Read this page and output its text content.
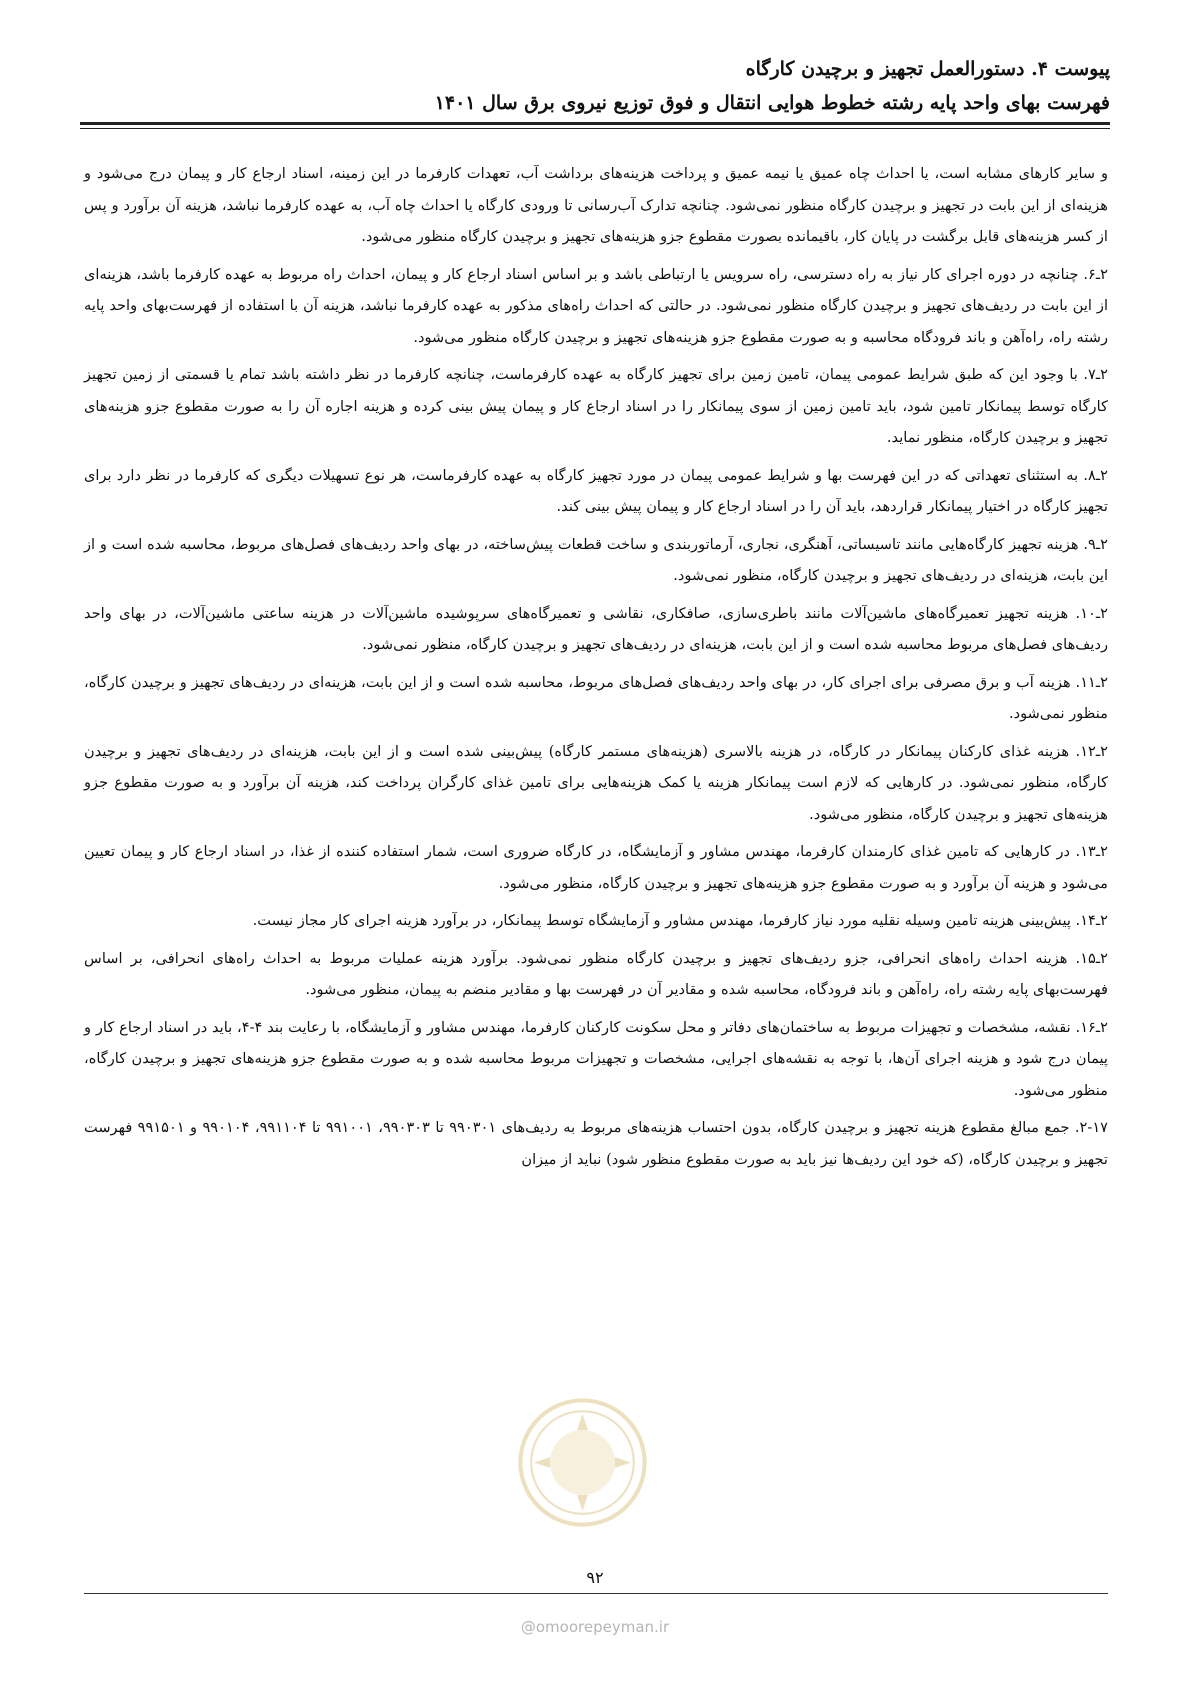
پیوست ۴. دستورالعمل تجهیز و برچیدن کارگاه
فهرست بهای واحد پایه رشته خطوط هوایی انتقال و فوق توزیع نیروی برق سال ۱۴۰۱

و سایر کارهای مشابه است، یا احداث چاه عمیق یا نیمه عمیق و پرداخت هزینه‌های برداشت آب، تعهدات کارفرما در این زمینه، اسناد ارجاع کار و پیمان درج می‌شود و هزینه‌ای از این بابت در تجهیز و برچیدن کارگاه منظور نمی‌شود. چنانچه تدارک آب‌رسانی تا ورودی کارگاه یا احداث چاه آب، به عهده کارفرما نباشد، هزینه آن برآورد و پس از کسر هزینه‌های قابل برگشت در پایان کار، باقیمانده بصورت مقطوع جزو هزینه‌های تجهیز و برچیدن کارگاه منظور می‌شود.

۲ـ۶. چنانچه در دوره اجرای کار نیاز به راه دسترسی، راه سرویس یا ارتباطی باشد و بر اساس اسناد ارجاع کار و پیمان، احداث راه مربوط به عهده کارفرما باشد، هزینه‌ای از این بابت در ردیف‌های تجهیز و برچیدن کارگاه منظور نمی‌شود. در حالتی که احداث راه‌های مذکور به عهده کارفرما نباشد، هزینه آن با استفاده از فهرست‌بهای واحد پایه رشته راه، راه‌آهن و باند فرودگاه محاسبه و به صورت مقطوع جزو هزینه‌های تجهیز و برچیدن کارگاه منظور می‌شود.

۲ـ۷. با وجود این که طبق شرایط عمومی پیمان، تامین زمین برای تجهیز کارگاه به عهده کارفرماست، چنانچه کارفرما در نظر داشته باشد تمام یا قسمتی از زمین تجهیز کارگاه توسط پیمانکار تامین شود، باید تامین زمین از سوی پیمانکار را در اسناد ارجاع کار و پیمان پیش بینی کرده و هزینه اجاره آن را به صورت مقطوع جزو هزینه‌های تجهیز و برچیدن کارگاه، منظور نماید.

۲ـ۸. به استثنای تعهداتی که در این فهرست بها و شرایط عمومی پیمان در مورد تجهیز کارگاه به عهده کارفرماست، هر نوع تسهیلات دیگری که کارفرما در نظر دارد برای تجهیز کارگاه در اختیار پیمانکار قراردهد، باید آن را در اسناد ارجاع کار و پیمان پیش بینی کند.

۲ـ۹. هزینه تجهیز کارگاه‌هایی مانند تاسیساتی، آهنگری، نجاری، آرماتوربندی و ساخت قطعات پیش‌ساخته، در بهای واحد ردیف‌های فصل‌های مربوط، محاسبه شده است و از این بابت، هزینه‌ای در ردیف‌های تجهیز و برچیدن کارگاه، منظور نمی‌شود.

۲ـ۱۰. هزینه تجهیز تعمیرگاه‌های ماشین‌آلات مانند باطری‌سازی، صافکاری، نقاشی و تعمیرگاه‌های سرپوشیده ماشین‌آلات در هزینه ساعتی ماشین‌آلات، در بهای واحد ردیف‌های فصل‌های مربوط محاسبه شده است و از این بابت، هزینه‌ای در ردیف‌های تجهیز و برچیدن کارگاه، منظور نمی‌شود.

۲ـ۱۱. هزینه آب و برق مصرفی برای اجرای کار، در بهای واحد ردیف‌های فصل‌های مربوط، محاسبه شده است و از این بابت، هزینه‌ای در ردیف‌های تجهیز و برچیدن کارگاه، منظور نمی‌شود.

۲ـ۱۲. هزینه غذای کارکنان پیمانکار در کارگاه، در هزینه بالاسری (هزینه‌های مستمر کارگاه) پیش‌بینی شده است و از این بابت، هزینه‌ای در ردیف‌های تجهیز و برچیدن کارگاه، منظور نمی‌شود. در کارهایی که لازم است پیمانکار هزینه یا کمک هزینه‌هایی برای تامین غذای کارگران پرداخت کند، هزینه آن برآورد و به صورت مقطوع جزو هزینه‌های تجهیز و برچیدن کارگاه، منظور می‌شود.

۲ـ۱۳. در کارهایی که تامین غذای کارمندان کارفرما، مهندس مشاور و آزمایشگاه، در کارگاه ضروری است، شمار استفاده کننده از غذا، در اسناد ارجاع کار و پیمان تعیین می‌شود و هزینه آن برآورد و به صورت مقطوع جزو هزینه‌های تجهیز و برچیدن کارگاه، منظور می‌شود.

۲ـ۱۴. پیش‌بینی هزینه تامین وسیله نقلیه مورد نیاز کارفرما، مهندس مشاور و آزمایشگاه توسط پیمانکار، در برآورد هزینه اجرای کار مجاز نیست.

۲ـ۱۵. هزینه احداث راه‌های انحرافی، جزو ردیف‌های تجهیز و برچیدن کارگاه منظور نمی‌شود. برآورد هزینه عملیات مربوط به احداث راه‌های انحرافی، بر اساس فهرست‌بهای پایه رشته راه، راه‌آهن و باند فرودگاه، محاسبه شده و مقادیر آن در فهرست بها و مقادیر منضم به پیمان، منظور می‌شود.

۲ـ۱۶. نقشه، مشخصات و تجهیزات مربوط به ساختمان‌های دفاتر و محل سکونت کارکنان کارفرما، مهندس مشاور و آزمایشگاه، با رعایت بند ۴-۴، باید در اسناد ارجاع کار و پیمان درج شود و هزینه اجرای آن‌ها، با توجه به نقشه‌های اجرایی، مشخصات و تجهیزات مربوط محاسبه شده و به‌ صورت مقطوع جزو هزینه‌های تجهیز و برچیدن کارگاه، منظور می‌شود.

۲-۱۷. جمع مبالغ مقطوع هزینه تجهیز و برچیدن کارگاه، بدون احتساب هزینه‌های مربوط به ردیف‌های ۹۹۰۳۰۱ تا ۹۹۰۳۰۳، ۹۹۱۰۰۱ تا ۹۹۱۱۰۴، ۹۹۰۱۰۴ و ۹۹۱۵۰۱ فهرست تجهیز و برچیدن کارگاه، (که خود این ردیف‌ها نیز باید به صورت مقطوع منظور شود) نباید از میزان

۹۲
@omoorepeyman.ir
